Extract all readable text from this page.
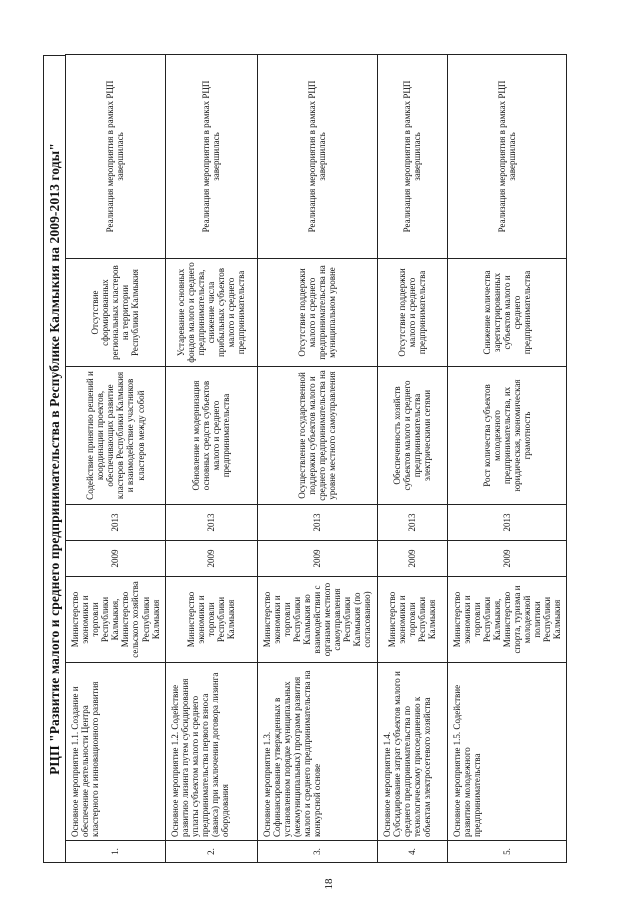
РЦП "Развитие малого и среднего предпринимательства в Республике Калмыкия на 2009-2013 годы"
1.	Основное мероприятие 1.1. Создание и обеспечение деятельности Центра кластерного и инновационного развития	Министерство экономики и торговли Республики Калмыкия, Министерство сельского хозяйства Республики Калмыкия	2009	2013	Содействие принятию решений и координации проектов, обеспечивающих развитие кластеров Республики Калмыкия и взаимодействие участников кластеров между собой	Отсутствие сформированных региональных кластеров на территории Республики Калмыкия	Реализация мероприятия в рамках РЦП завершилась
2.	Основное мероприятие 1.2. Содействие развитию лизинга путем субсидирования уплаты субъектом малого и среднего предпринимательства первого взноса (аванса) при заключении договора лизинга оборудования	Министерство экономики и торговли Республики Калмыкия	2009	2013	Обновление и модернизация основных средств субъектов малого и среднего предпринимательства	Устаревание основных фондов малого и среднего предпринимательства, снижение числа прибыльных субъектов малого и среднего предпринимательства	Реализация мероприятия в рамках РЦП завершилась
3.	Основное мероприятие 1.3. Софинансирование утвержденных в установленном порядке муниципальных (межмуниципальных) программ развития малого и среднего предпринимательства на конкурсной основе	Министерство экономики и торговли Республики Калмыкия во взаимодействии с органами местного самоуправления Республики Калмыкия (по согласованию)	2009	2013	Осуществление государственной поддержки субъектов малого и среднего предпринимательства на уровне местного самоуправления	Отсутствие поддержки малого и среднего предпринимательства на муниципальном уровне	Реализация мероприятия в рамках РЦП завершилась
4.	Основное мероприятие 1.4. Субсидирование затрат субъектов малого и среднего предпринимательства по технологическому присоединению к объектам электросетевого хозяйства	Министерство экономики и торговли Республики Калмыкия	2009	2013	Обеспеченность хозяйств субъектов малого и среднего предпринимательства электрическими сетями	Отсутствие поддержки малого и среднего предпринимательства	Реализация мероприятия в рамках РЦП завершилась
5.	Основное мероприятие 1.5. Содействие развитию молодежного предпринимательства	Министерство экономики и торговли Республики Калмыкия, Министерство спорта, туризма и молодежной политики Республики Калмыкия	2009	2013	Рост количества субъектов молодежного предпринимательства, их юридическая, экономическая грамотность	Снижение количества зарегистрированных субъектов малого и среднего предпринимательства	Реализация мероприятия в рамках РЦП завершилась
18
